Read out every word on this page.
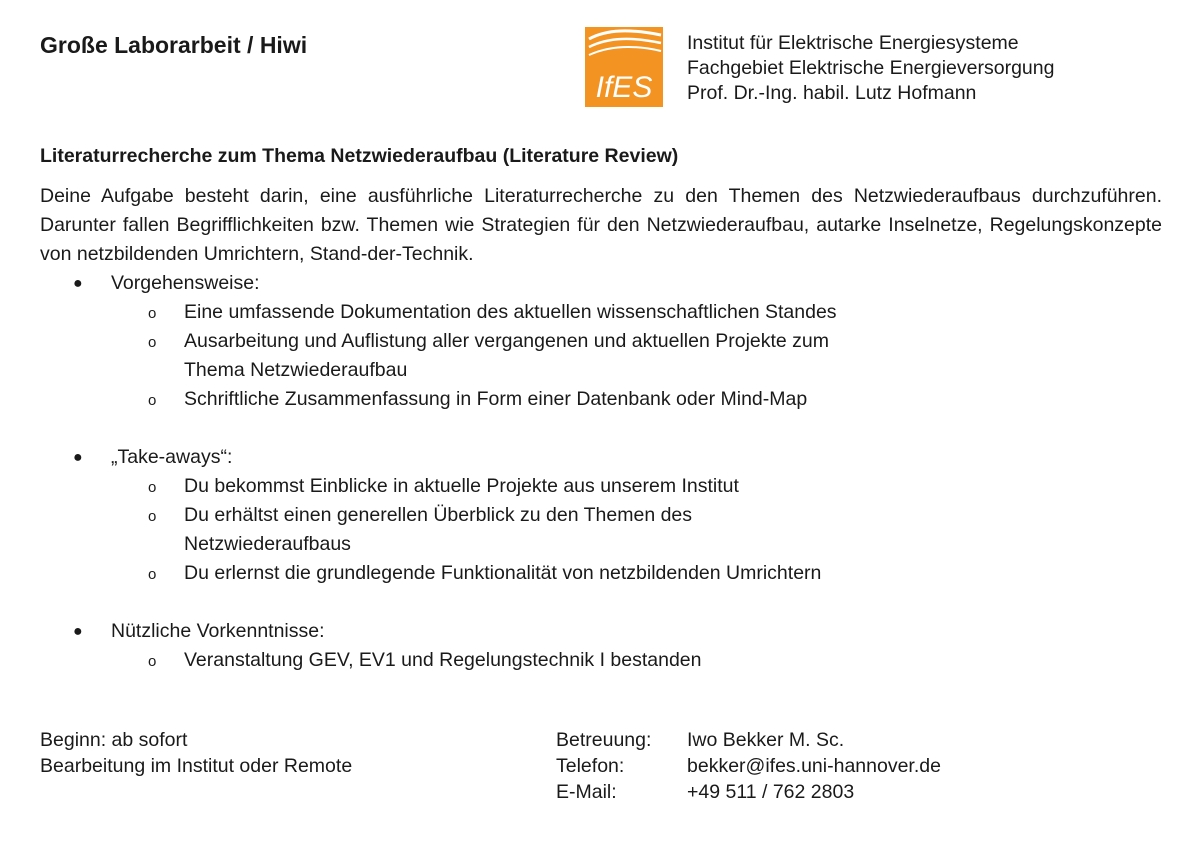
Große Laborarbeit / Hiwi
IfES
Institut für Elektrische Energiesysteme
Fachgebiet Elektrische Energieversorgung
Prof. Dr.-Ing. habil. Lutz Hofmann
Literaturrecherche zum Thema Netzwiederaufbau (Literature Review)

Deine Aufgabe besteht darin, eine ausführliche Literaturrecherche zu den Themen des Netzwiederaufbaus durchzuführen. Darunter fallen Begrifflichkeiten bzw. Themen wie Strategien für den Netzwiederaufbau, autarke Inselnetze, Regelungskonzepte von netzbildenden Umrichtern, Stand-der-Technik.

● Vorgehensweise:
o Eine umfassende Dokumentation des aktuellen wissenschaftlichen Standes
o Ausarbeitung und Auflistung aller vergangenen und aktuellen Projekte zum Thema Netzwiederaufbau
o Schriftliche Zusammenfassung in Form einer Datenbank oder Mind-Map
● „Take-aways“:
o Du bekommst Einblicke in aktuelle Projekte aus unserem Institut
o Du erhältst einen generellen Überblick zu den Themen des Netzwiederaufbaus
o Du erlernst die grundlegende Funktionalität von netzbildenden Umrichtern
● Nützliche Vorkenntnisse:
o Veranstaltung GEV, EV1 und Regelungstechnik I bestanden
Beginn: ab sofort
Bearbeitung im Institut oder Remote
Betreuung:	Iwo Bekker M. Sc.
Telefon:	bekker@ifes.uni-hannover.de
E-Mail:	+49 511 / 762 2803
